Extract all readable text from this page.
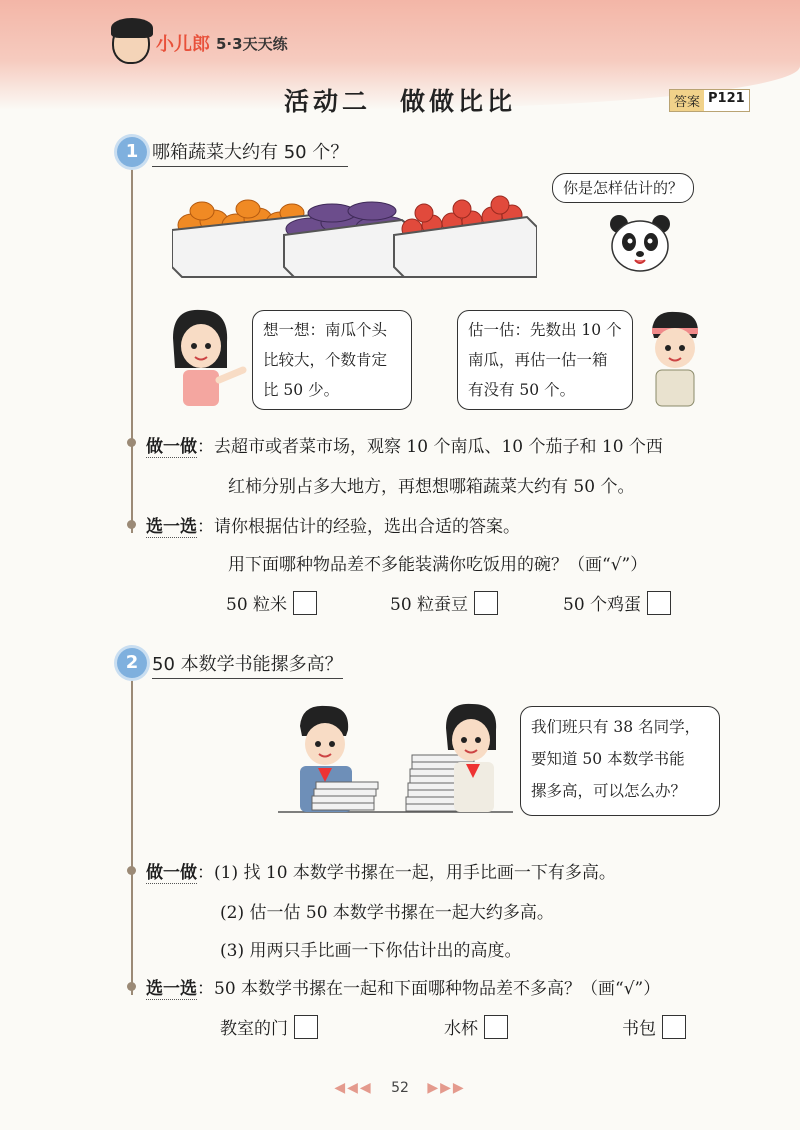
小儿郎 5·3天天练
活动二　做做比比	答案 P121
1 哪箱蔬菜大约有 50 个？
你是怎样估计的？
想一想：南瓜个头
比较大，个数肯定
比 50 少。
估一估：先数出 10 个
南瓜，再估一估一箱
有没有 50 个。
做一做：去超市或者菜市场，观察 10 个南瓜、10 个茄子和 10 个西
红柿分别占多大地方，再想想哪箱蔬菜大约有 50 个。
选一选：请你根据估计的经验，选出合适的答案。
用下面哪种物品差不多能装满你吃饭用的碗？（画“√”）
50 粒米	50 粒蚕豆	50 个鸡蛋
2 50 本数学书能摞多高？
我们班只有 38 名同学，
要知道 50 本数学书能
摞多高，可以怎么办？
做一做：(1) 找 10 本数学书摞在一起，用手比画一下有多高。
(2) 估一估 50 本数学书摞在一起大约多高。
(3) 用两只手比画一下你估计出的高度。
选一选：50 本数学书摞在一起和下面哪种物品差不多高？（画“√”）
教室的门	水杯	书包
◀◀◀ 52 ▶▶▶
